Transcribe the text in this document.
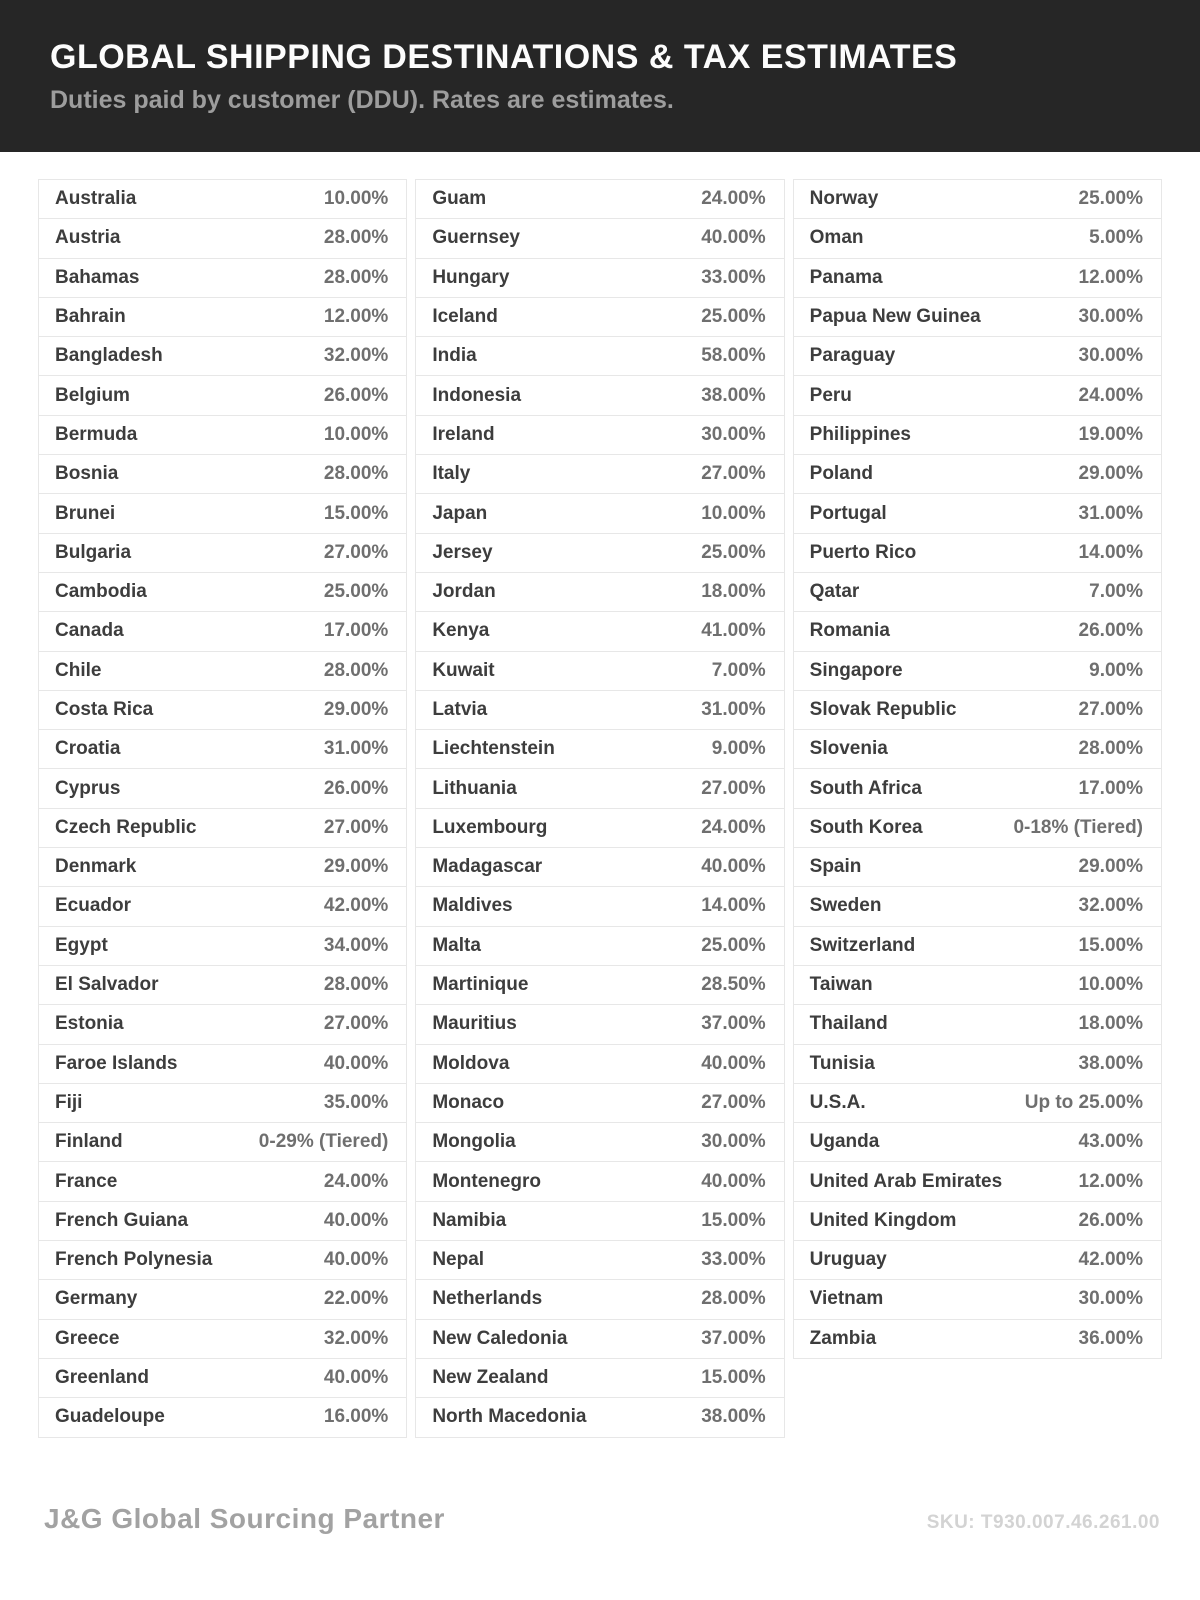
GLOBAL SHIPPING DESTINATIONS & TAX ESTIMATES
Duties paid by customer (DDU). Rates are estimates.
Australia	10.00%
Austria	28.00%
Bahamas	28.00%
Bahrain	12.00%
Bangladesh	32.00%
Belgium	26.00%
Bermuda	10.00%
Bosnia	28.00%
Brunei	15.00%
Bulgaria	27.00%
Cambodia	25.00%
Canada	17.00%
Chile	28.00%
Costa Rica	29.00%
Croatia	31.00%
Cyprus	26.00%
Czech Republic	27.00%
Denmark	29.00%
Ecuador	42.00%
Egypt	34.00%
El Salvador	28.00%
Estonia	27.00%
Faroe Islands	40.00%
Fiji	35.00%
Finland	0-29% (Tiered)
France	24.00%
French Guiana	40.00%
French Polynesia	40.00%
Germany	22.00%
Greece	32.00%
Greenland	40.00%
Guadeloupe	16.00%
Guam	24.00%
Guernsey	40.00%
Hungary	33.00%
Iceland	25.00%
India	58.00%
Indonesia	38.00%
Ireland	30.00%
Italy	27.00%
Japan	10.00%
Jersey	25.00%
Jordan	18.00%
Kenya	41.00%
Kuwait	7.00%
Latvia	31.00%
Liechtenstein	9.00%
Lithuania	27.00%
Luxembourg	24.00%
Madagascar	40.00%
Maldives	14.00%
Malta	25.00%
Martinique	28.50%
Mauritius	37.00%
Moldova	40.00%
Monaco	27.00%
Mongolia	30.00%
Montenegro	40.00%
Namibia	15.00%
Nepal	33.00%
Netherlands	28.00%
New Caledonia	37.00%
New Zealand	15.00%
North Macedonia	38.00%
Norway	25.00%
Oman	5.00%
Panama	12.00%
Papua New Guinea	30.00%
Paraguay	30.00%
Peru	24.00%
Philippines	19.00%
Poland	29.00%
Portugal	31.00%
Puerto Rico	14.00%
Qatar	7.00%
Romania	26.00%
Singapore	9.00%
Slovak Republic	27.00%
Slovenia	28.00%
South Africa	17.00%
South Korea	0-18% (Tiered)
Spain	29.00%
Sweden	32.00%
Switzerland	15.00%
Taiwan	10.00%
Thailand	18.00%
Tunisia	38.00%
U.S.A.	Up to 25.00%
Uganda	43.00%
United Arab Emirates	12.00%
United Kingdom	26.00%
Uruguay	42.00%
Vietnam	30.00%
Zambia	36.00%
J&G Global Sourcing Partner	SKU: T930.007.46.261.00
